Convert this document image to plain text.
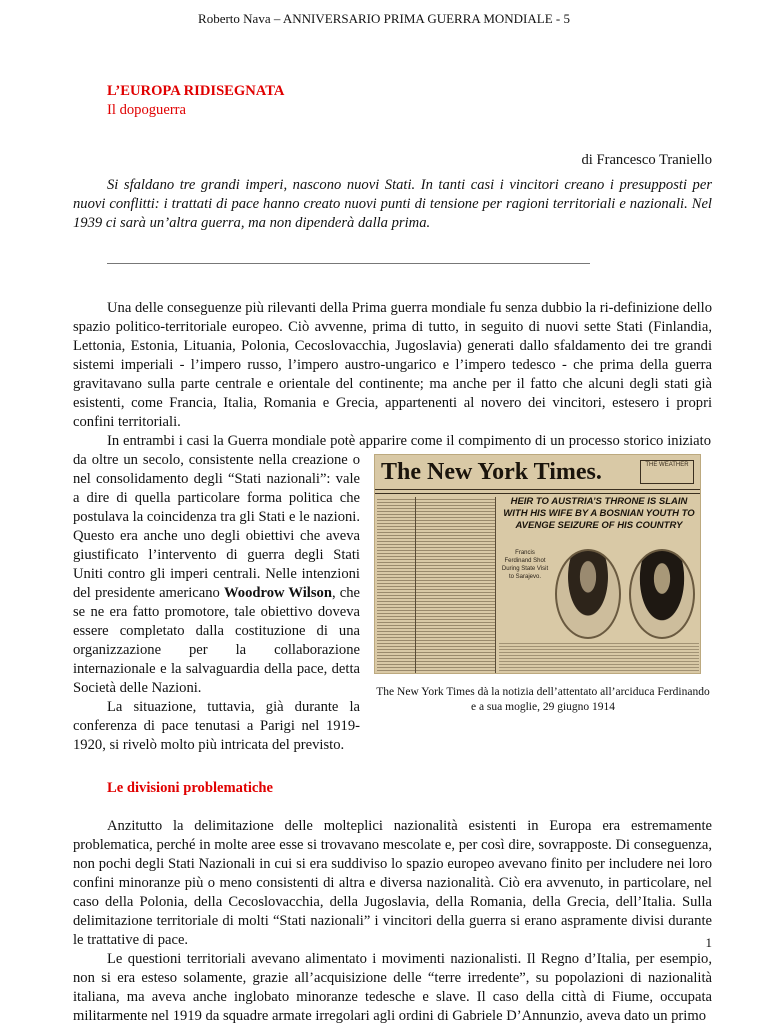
Roberto Nava – ANNIVERSARIO PRIMA GUERRA MONDIALE - 5
L’EUROPA RIDISEGNATA
Il dopoguerra
di Francesco Traniello
Si sfaldano tre grandi imperi, nascono nuovi Stati. In tanti casi i vincitori creano i presupposti per nuovi conflitti: i trattati di pace hanno creato nuovi punti di tensione per ragioni territoriali e nazionali. Nel 1939 ci sarà un’altra guerra, ma non dipenderà dalla prima.

Una delle conseguenze più rilevanti della Prima guerra mondiale fu senza dubbio la ri-definizione dello spazio politico-territoriale europeo. Ciò avvenne, prima di tutto, in seguito di nuovi sette Stati (Finlandia, Lettonia, Estonia, Lituania, Polonia, Cecoslovacchia, Jugoslavia) generati dallo sfaldamento dei tre grandi sistemi imperiali - l’impero russo, l’impero austro-ungarico e l’impero tedesco - che prima della guerra gravitavano sulla parte centrale e orientale del continente; ma anche per il fatto che alcuni degli stati già esistenti, come Francia, Italia, Romania e Grecia, appartenenti al novero dei vincitori, estesero i propri confini territoriali.

The New York Times.	THE WEATHER
HEIR TO AUSTRIA’S THRONE IS SLAIN WITH HIS WIFE BY A BOSNIAN YOUTH TO AVENGE SEIZURE OF HIS COUNTRY
Francis Ferdinand Shot During State Visit to Sarajevo.
The New York Times dà la notizia dell’attentato all’arciduca Ferdinando e a sua moglie, 29 giugno 1914
In entrambi i casi la Guerra mondiale potè apparire come il compimento di un processo storico iniziato da oltre un secolo, consistente nella creazione o nel consolidamento degli “Stati nazionali”: vale a dire di quella particolare forma politica che postulava la coincidenza tra gli Stati e le nazioni. Questo era anche uno degli obiettivi che aveva giustificato l’intervento di guerra degli Stati Uniti contro gli imperi centrali. Nelle intenzioni del presidente americano Woodrow Wilson, che se ne era fatto promotore, tale obiettivo doveva essere completato dalla costituzione di una organizzazione per la collaborazione internazionale e la salvaguardia della pace, detta Società delle Nazioni.

La situazione, tuttavia, già durante la conferenza di pace tenutasi a Parigi nel 1919-1920, si rivelò molto più intricata del previsto.

Le divisioni problematiche

Anzitutto la delimitazione delle molteplici nazionalità esistenti in Europa era estremamente problematica, perché in molte aree esse si trovavano mescolate e, per così dire, sovrapposte. Di conseguenza, non pochi degli Stati Nazionali in cui si era suddiviso lo spazio europeo avevano finito per includere nei loro confini minoranze più o meno consistenti di altra e diversa nazionalità. Ciò era avvenuto, in particolare, nel caso della Polonia, della Cecoslovacchia, della Jugoslavia, della Romania, della Grecia, dell’Italia. Sulla delimitazione territoriale di molti “Stati nazionali” i vincitori della guerra si erano aspramente divisi durante le trattative di pace.

Le questioni territoriali avevano alimentato i movimenti nazionalisti. Il Regno d’Italia, per esempio, non si era esteso solamente, grazie all’acquisizione delle “terre irredente”, su popolazioni di nazionalità italiana, ma aveva anche inglobato minoranze tedesche e slave. Il caso della città di Fiume, occupata militarmente nel 1919 da squadre armate irregolari agli ordini di Gabriele D’Annunzio, aveva dato un primo

1
